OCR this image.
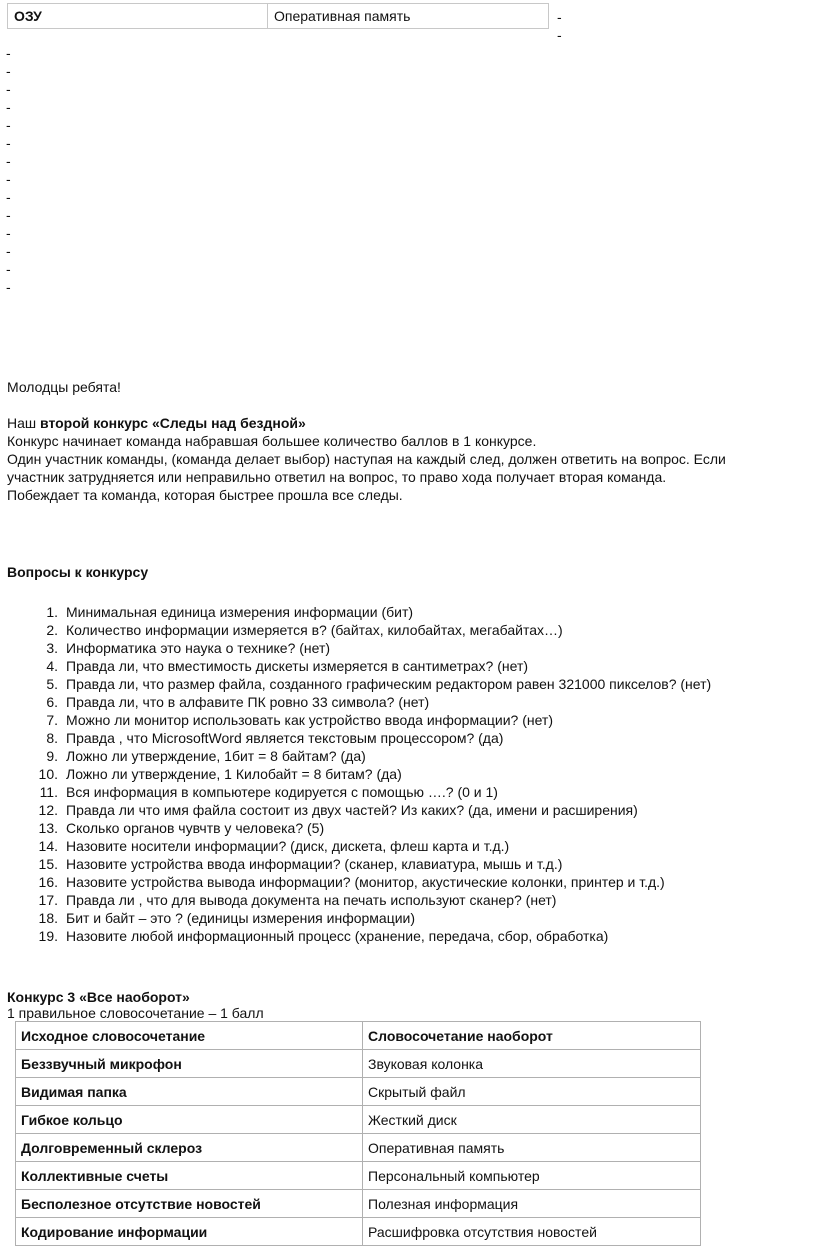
ОЗУ	Оперативная память	-
-
-
-
-
-
-
-
-
-
-
-
-
-
-
-
Молодцы ребята!
Наш второй конкурс «Следы над бездной»
Конкурс начинает команда набравшая большее количество баллов в 1 конкурсе.
Один участник команды, (команда делает выбор) наступая на каждый след, должен ответить на вопрос. Если
участник затрудняется или неправильно ответил на вопрос, то право хода получает вторая команда.
Побеждает та команда, которая быстрее прошла все следы.
Вопросы к конкурсу
1. Минимальная единица измерения информации (бит)
2. Количество информации измеряется в? (байтах, килобайтах, мегабайтах…)
3. Информатика это наука о технике? (нет)
4. Правда ли, что вместимость дискеты измеряется в сантиметрах? (нет)
5. Правда ли, что размер файла, созданного графическим редактором равен 321000 пикселов? (нет)
6. Правда ли, что в алфавите ПК ровно 33 символа? (нет)
7. Можно ли монитор использовать как устройство ввода информации? (нет)
8. Правда , что MicrosoftWord является текстовым процессором? (да)
9. Ложно ли утверждение, 1бит = 8 байтам? (да)
10. Ложно ли утверждение, 1 Килобайт = 8 битам? (да)
11. Вся информация в компьютере кодируется с помощью ….? (0 и 1)
12. Правда ли что имя файла состоит из двух частей? Из каких? (да, имени и расширения)
13. Сколько органов чувчтв у человека? (5)
14. Назовите носители информации? (диск, дискета, флеш карта и т.д.)
15. Назовите устройства ввода информации? (сканер, клавиатура, мышь и т.д.)
16. Назовите устройства вывода информации? (монитор, акустические колонки, принтер и т.д.)
17. Правда ли , что для вывода документа на печать используют сканер? (нет)
18. Бит и байт – это ? (единицы измерения информации)
19. Назовите любой информационный процесс (хранение, передача, сбор, обработка)
Конкурс 3 «Все наоборот»
1 правильное словосочетание – 1 балл
Исходное словосочетание	Словосочетание наоборот
Беззвучный микрофон	Звуковая колонка
Видимая папка	Скрытый файл
Гибкое кольцо	Жесткий диск
Долговременный склероз	Оперативная память
Коллективные счеты	Персональный компьютер
Бесполезное отсутствие новостей	Полезная информация
Кодирование информации	Расшифровка отсутствия новостей
